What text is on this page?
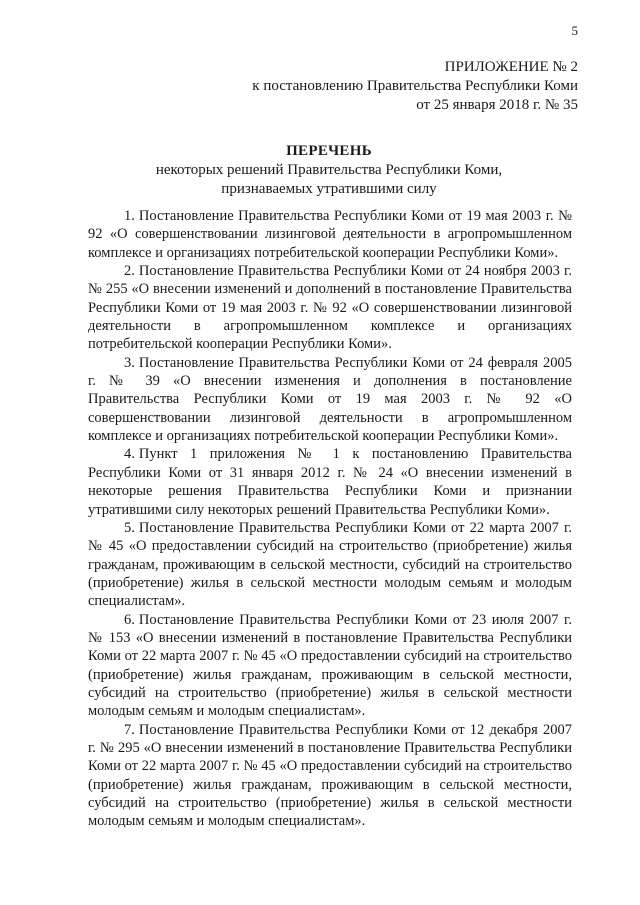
5
ПРИЛОЖЕНИЕ № 2
к постановлению Правительства Республики Коми
от 25 января 2018 г. № 35
ПЕРЕЧЕНЬ
некоторых решений Правительства Республики Коми,
признаваемых утратившими силу

1. Постановление Правительства Республики Коми от 19 мая 2003 г. № 92 «О совершенствовании лизинговой деятельности в агропромышленном комплексе и организациях потребительской кооперации Республики Коми».

2. Постановление Правительства Республики Коми от 24 ноября 2003 г. № 255 «О внесении изменений и дополнений в постановление Правительства Республики Коми от 19 мая 2003 г. № 92 «О совершенствовании лизинговой деятельности в агропромышленном комплексе и организациях потребительской кооперации Республики Коми».

3. Постановление Правительства Республики Коми от 24 февраля 2005 г. № 39 «О внесении изменения и дополнения в постановление Правительства Республики Коми от 19 мая 2003 г. № 92 «О совершенствовании лизинговой деятельности в агропромышленном комплексе и организациях потребительской кооперации Республики Коми».

4. Пункт 1 приложения № 1 к постановлению Правительства Республики Коми от 31 января 2012 г. № 24 «О внесении изменений в некоторые решения Правительства Республики Коми и признании утратившими силу некоторых решений Правительства Республики Коми».

5. Постановление Правительства Республики Коми от 22 марта 2007 г. № 45 «О предоставлении субсидий на строительство (приобретение) жилья гражданам, проживающим в сельской местности, субсидий на строительство (приобретение) жилья в сельской местности молодым семьям и молодым специалистам».

6. Постановление Правительства Республики Коми от 23 июля 2007 г. № 153 «О внесении изменений в постановление Правительства Республики Коми от 22 марта 2007 г. № 45 «О предоставлении субсидий на строительство (приобретение) жилья гражданам, проживающим в сельской местности, субсидий на строительство (приобретение) жилья в сельской местности молодым семьям и молодым специалистам».

7. Постановление Правительства Республики Коми от 12 декабря 2007 г. № 295 «О внесении изменений в постановление Правительства Республики Коми от 22 марта 2007 г. № 45 «О предоставлении субсидий на строительство (приобретение) жилья гражданам, проживающим в сельской местности, субсидий на строительство (приобретение) жилья в сельской местности молодым семьям и молодым специалистам».
